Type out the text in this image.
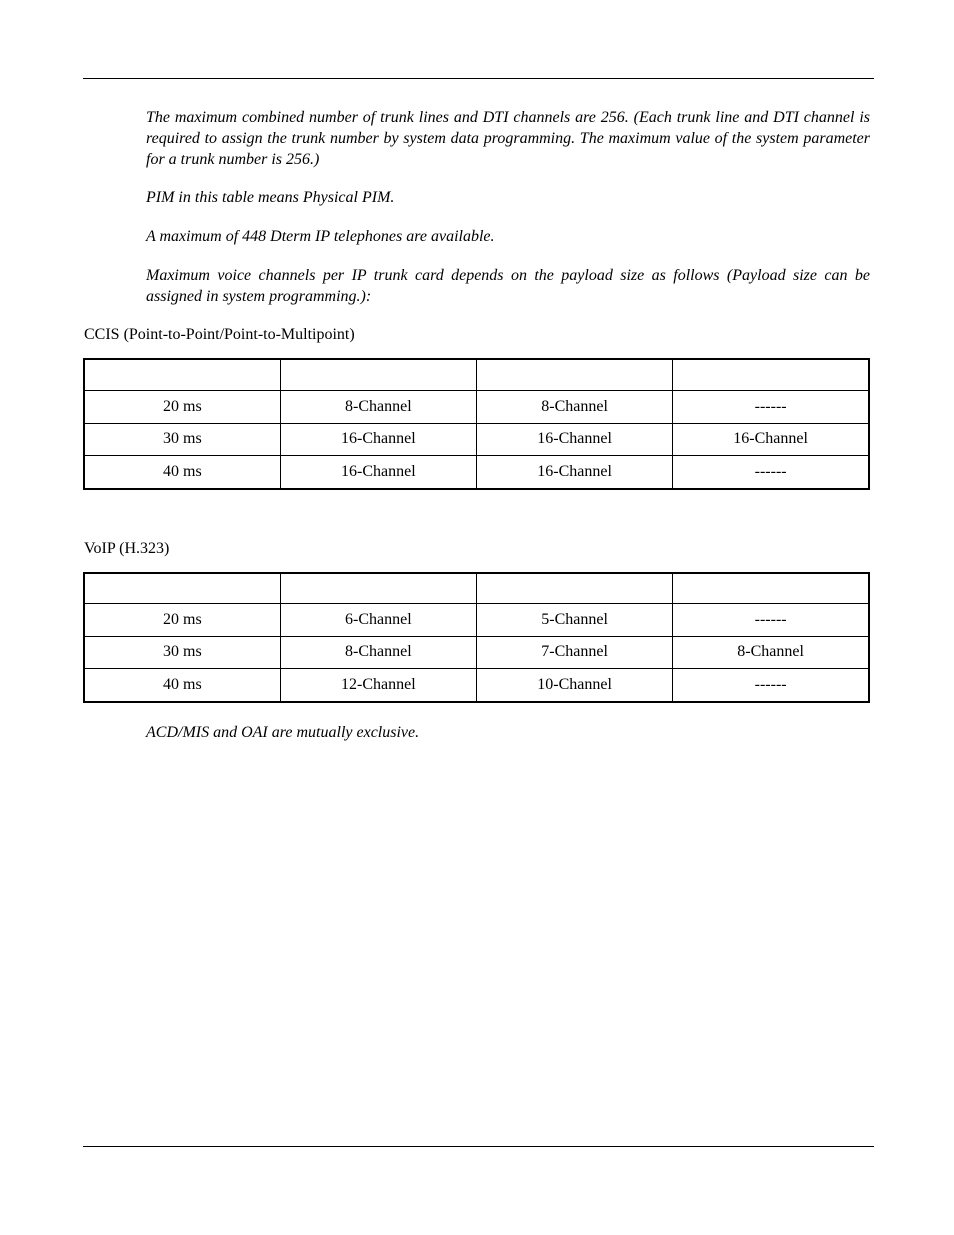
The maximum combined number of trunk lines and DTI channels are 256. (Each trunk line and DTI channel is required to assign the trunk number by system data programming. The maximum value of the system parameter for a trunk number is 256.)

PIM in this table means Physical PIM.

A maximum of 448 Dterm IP telephones are available.

Maximum voice channels per IP trunk card depends on the payload size as follows (Payload size can be assigned in system programming.):

CCIS (Point-to-Point/Point-to-Multipoint)

20 ms	8-Channel	8-Channel	------
30 ms	16-Channel	16-Channel	16-Channel
40 ms	16-Channel	16-Channel	------

VoIP (H.323)

20 ms	6-Channel	5-Channel	------
30 ms	8-Channel	7-Channel	8-Channel
40 ms	12-Channel	10-Channel	------

ACD/MIS and OAI are mutually exclusive.
